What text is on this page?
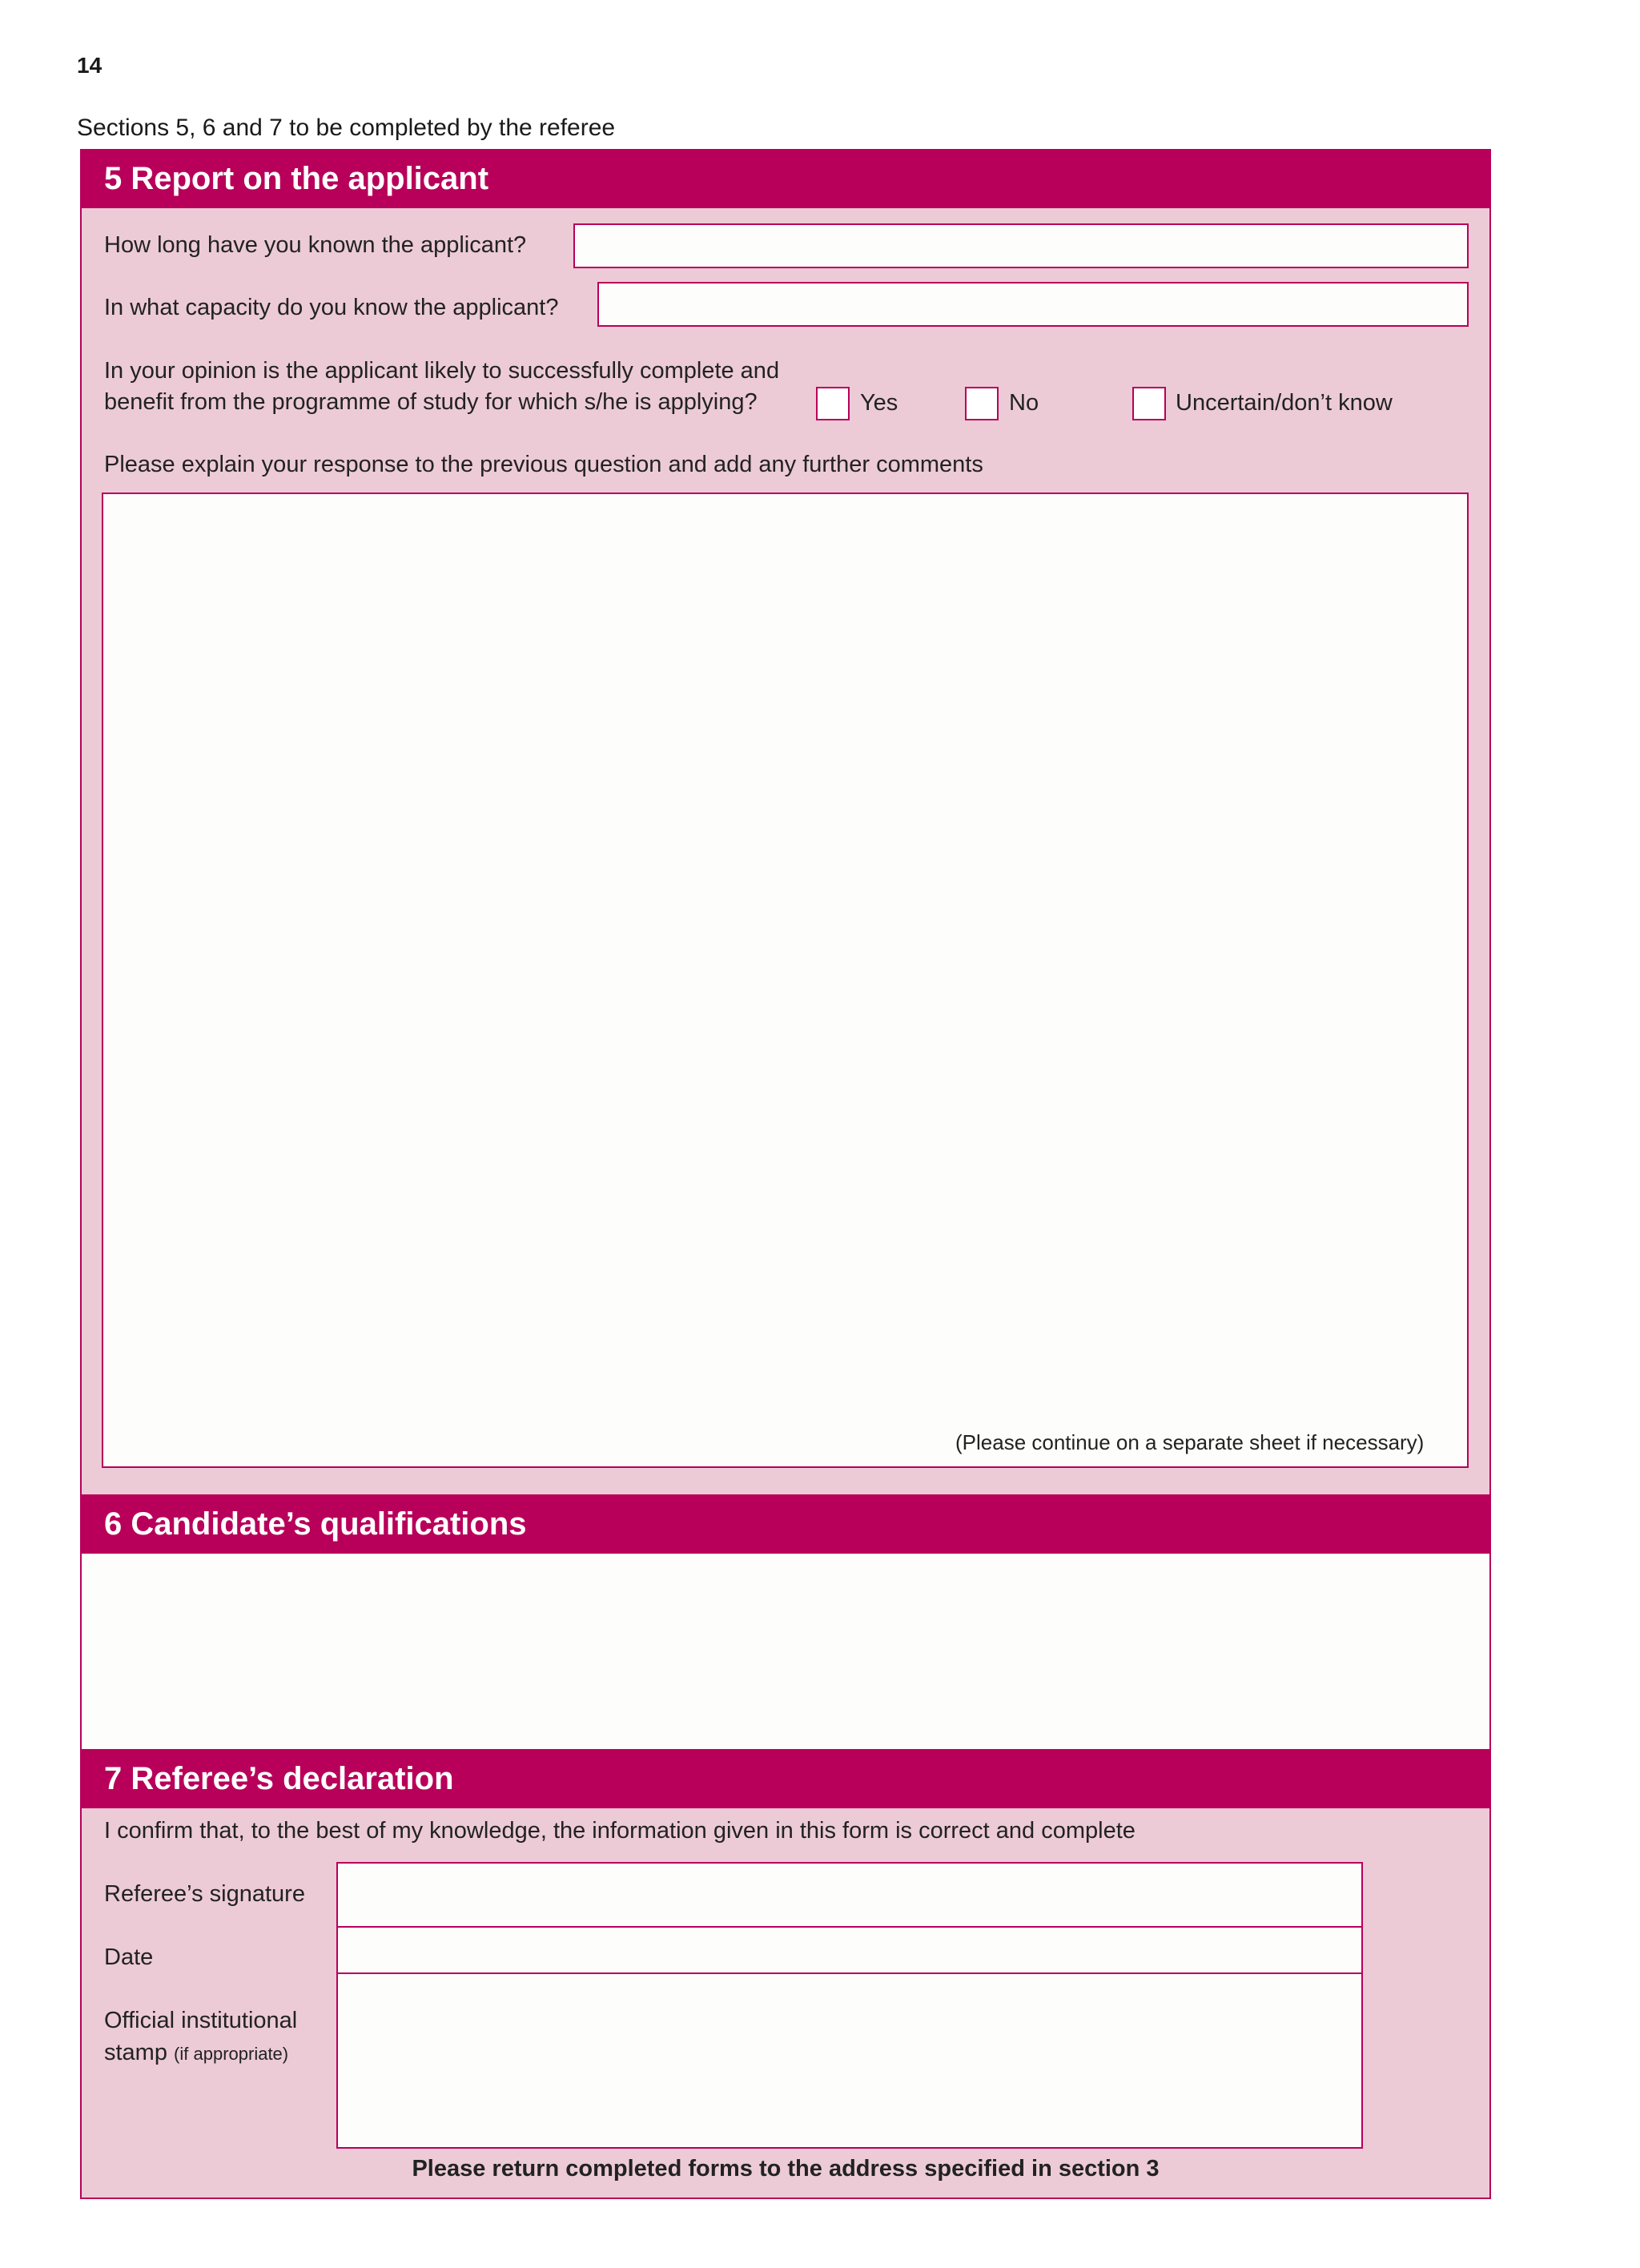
14
Sections 5, 6 and 7 to be completed by the referee
5 Report on the applicant
How long have you known the applicant?
In what capacity do you know the applicant?
In your opinion is the applicant likely to successfully complete and
benefit from the programme of study for which s/he is applying?	Yes	No	Uncertain/don’t know
Please explain your response to the previous question and add any further comments
(Please continue on a separate sheet if necessary)
6 Candidate’s qualifications
7 Referee’s declaration
I confirm that, to the best of my knowledge, the information given in this form is correct and complete
Referee’s signature
Date
Official institutional
stamp (if appropriate)
Please return completed forms to the address specified in section 3
